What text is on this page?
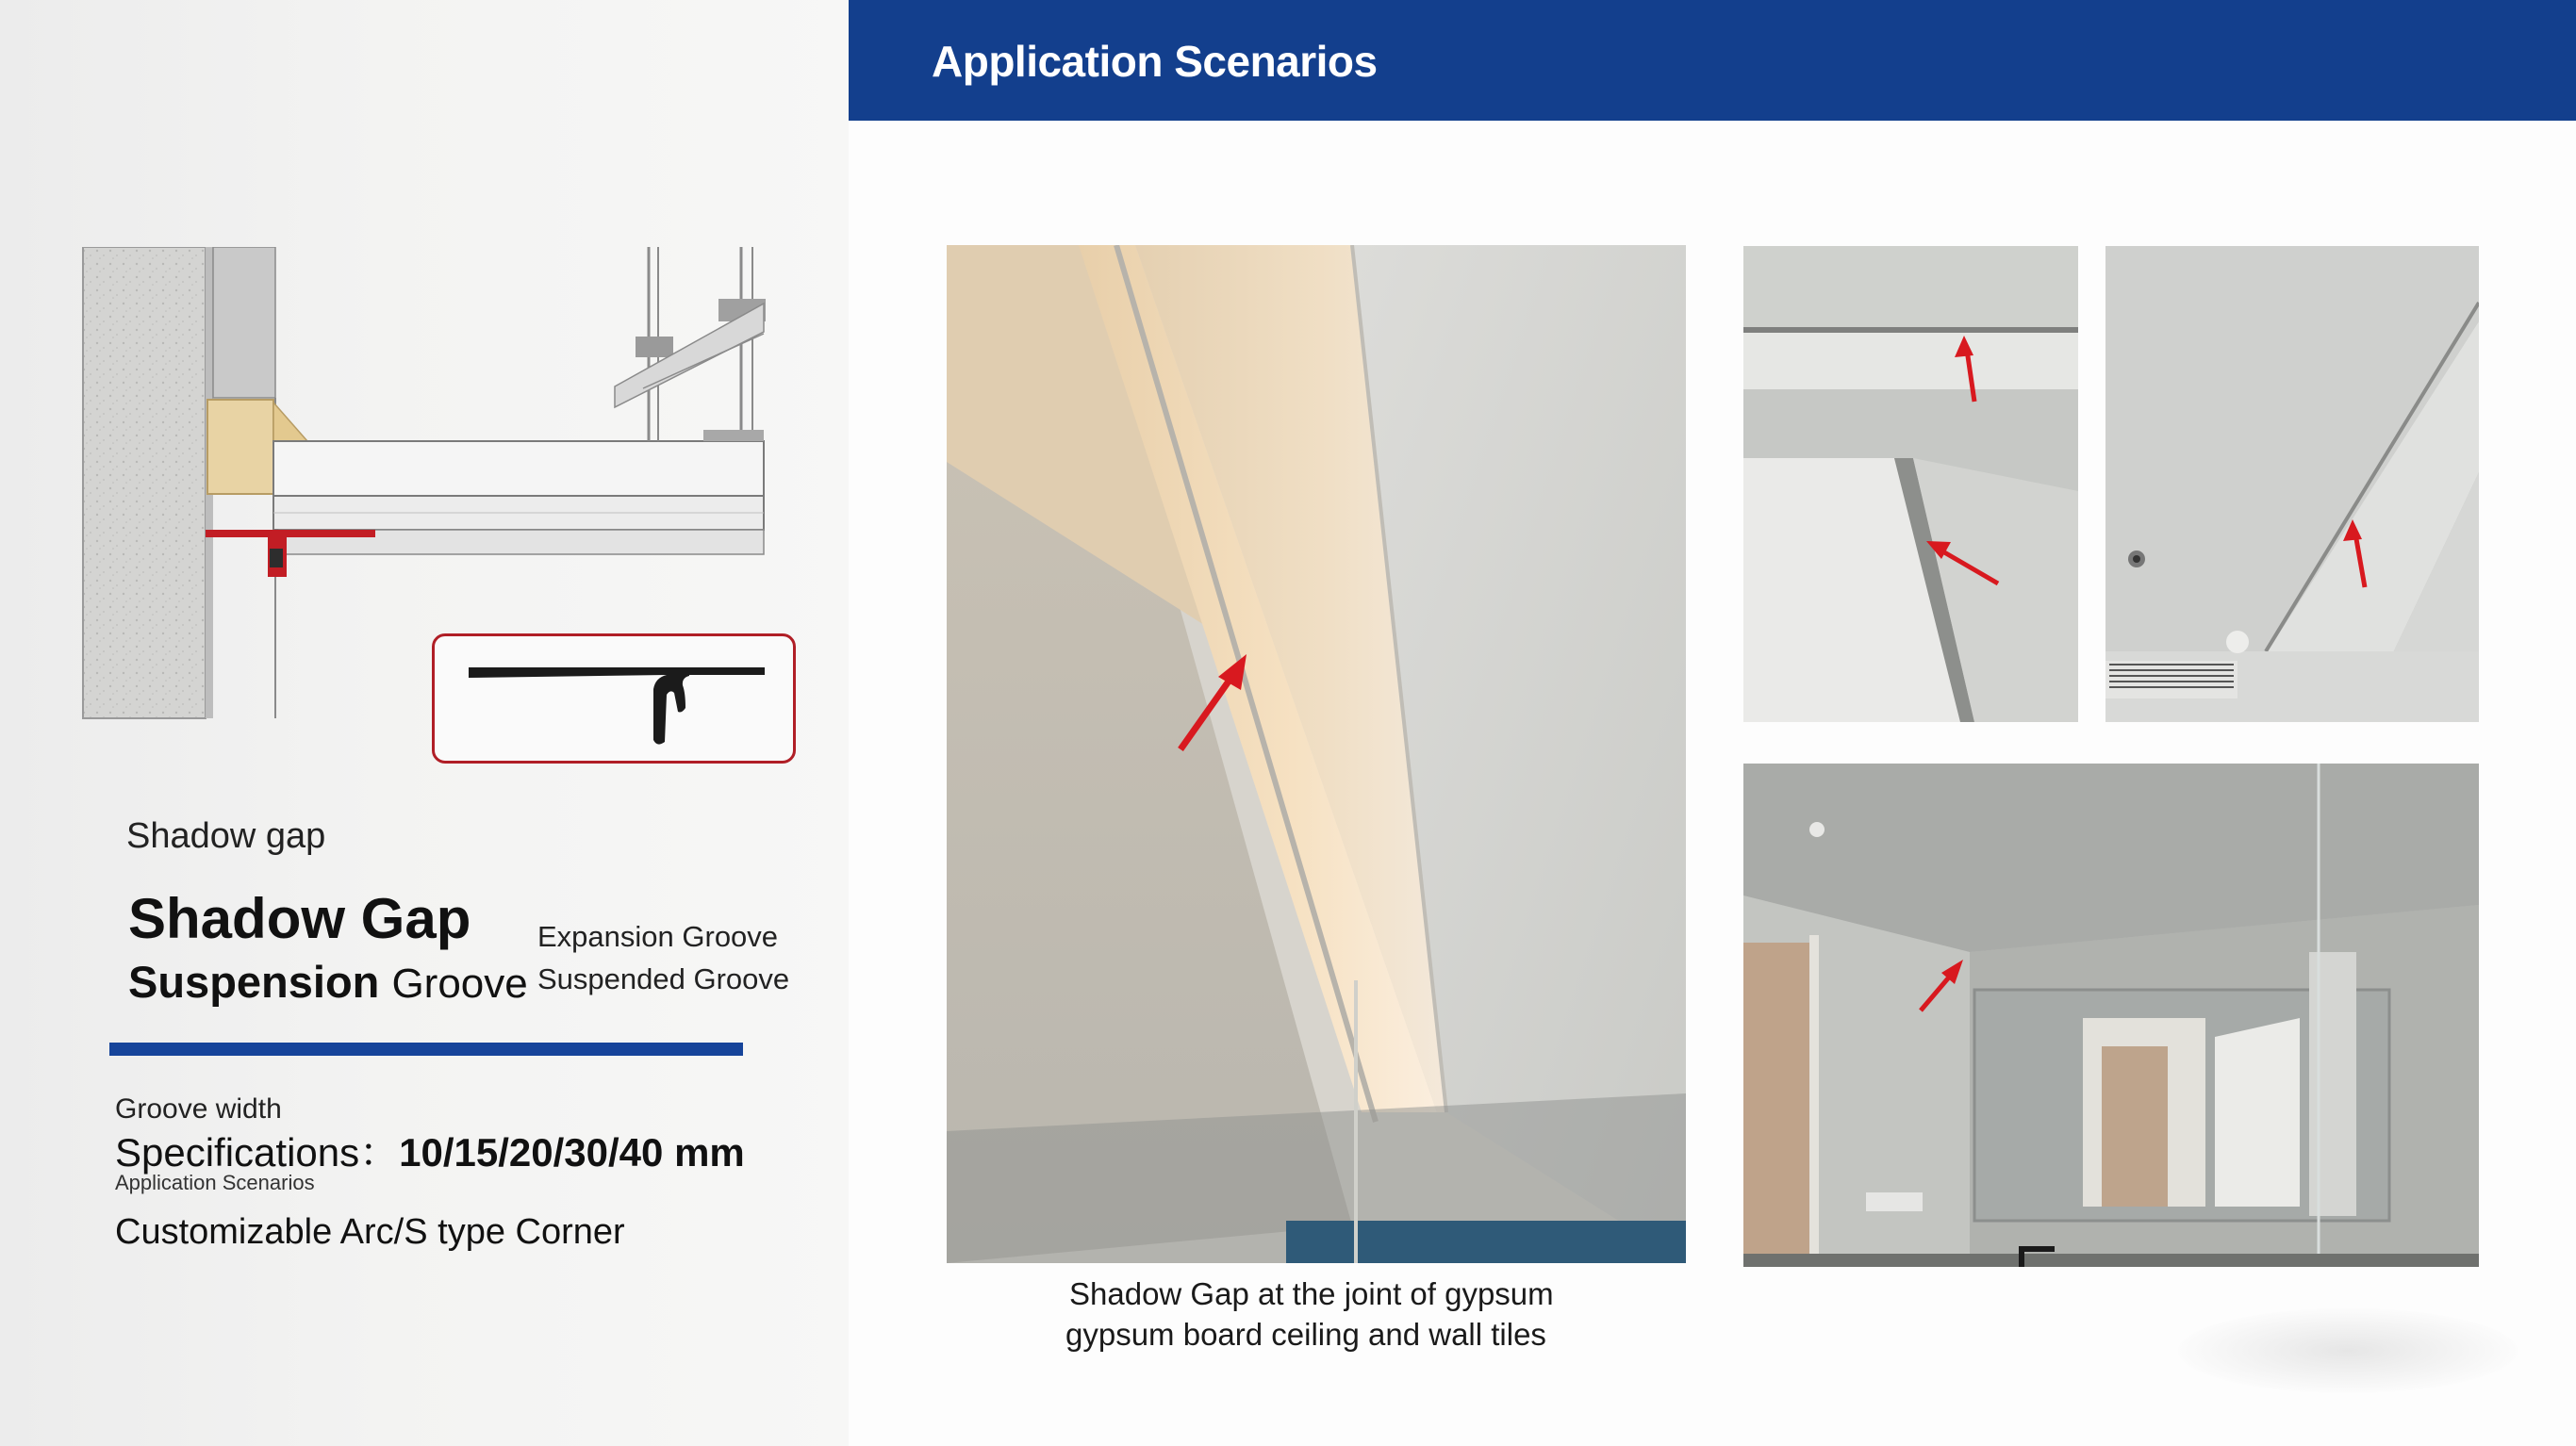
Application Scenarios
Shadow gap
Shadow Gap
Suspension Groove
Expansion Groove
Suspended Groove
Groove width
Specifications：10/15/20/30/40 mm
Application Scenarios
Customizable Arc/S type Corner
Shadow Gap at the joint of gypsum
gypsum board ceiling and wall tiles
